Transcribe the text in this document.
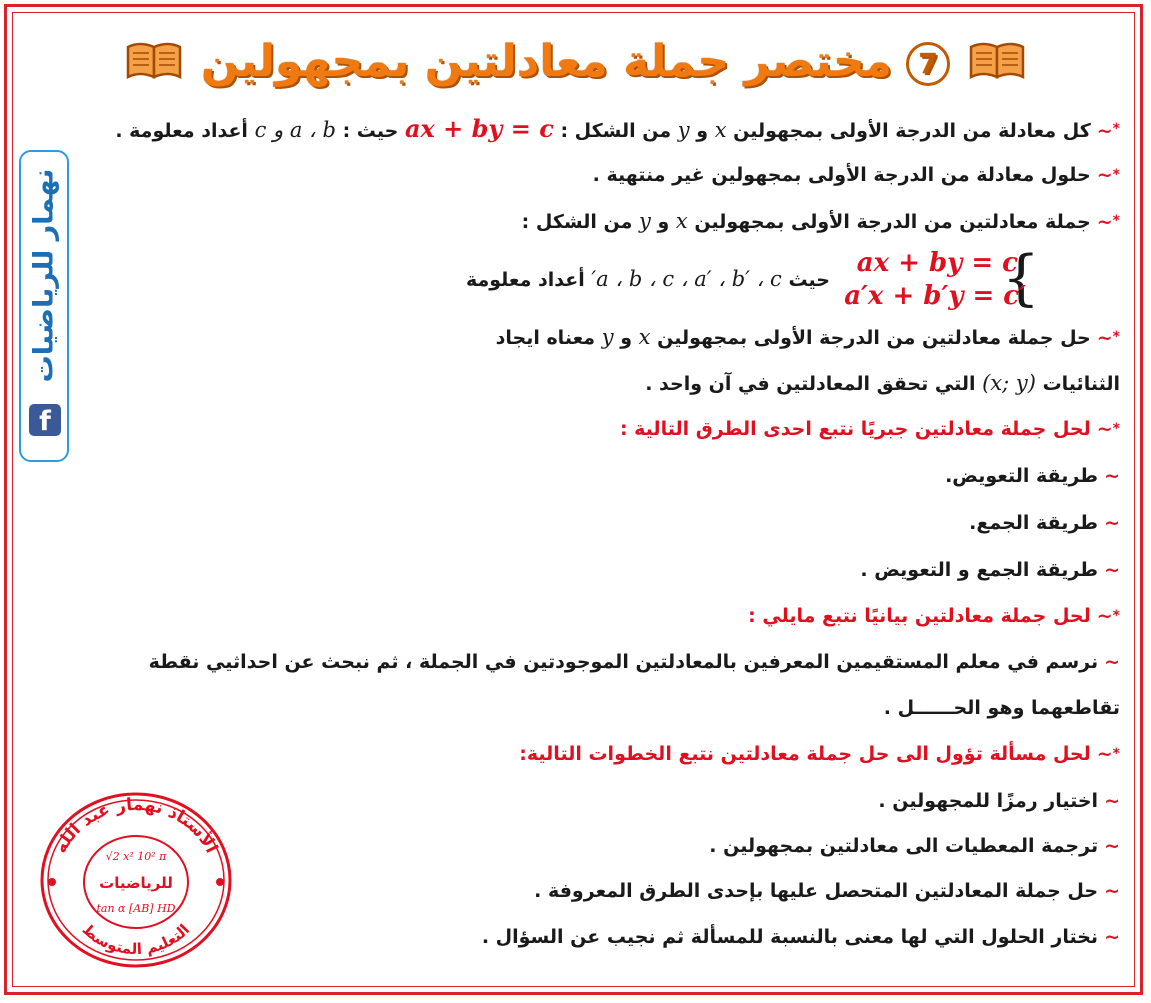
7مختصر جملة معادلتين بمجهولين
نهمار للرياضيات
f
*~كل معادلة من الدرجة الأولى بمجهولين x و y من الشكل : ax + by = c حيث : a ، b و c أعداد معلومة .
*~حلول معادلة من الدرجة الأولى بمجهولين غير منتهية .
*~جملة معادلتين من الدرجة الأولى بمجهولين x و y من الشكل :
{
ax + by = c
a′x + b′y = c′
حيث a ، b ، c ، a′ ، b′ ، c′ أعداد معلومة
*~حل جملة معادلتين من الدرجة الأولى بمجهولين x و y معناه ايجاد
الثنائيات (x; y) التي تحقق المعادلتين في آن واحد .
*~لحل جملة معادلتين جبريًا نتبع احدى الطرق التالية :
~طريقة التعويض.
~طريقة الجمع.
~طريقة الجمع و التعويض .
*~لحل جملة معادلتين بيانيًا نتبع مايلي :
~نرسم في معلم المستقيمين المعرفين بالمعادلتين الموجودتين في الجملة ، ثم نبحث عن احداثيي نقطة
تقاطعهما وهو الحــــــل .
*~لحل مسألة تؤول الى حل جملة معادلتين نتبع الخطوات التالية:
~اختيار رمزًا للمجهولين .
~ترجمة المعطيات الى معادلتين بمجهولين .
~حل جملة المعادلتين المتحصل عليها بإحدى الطرق المعروفة .
~نختار الحلول التي لها معنى بالنسبة للمسألة ثم نجيب عن السؤال .
الأستاذ نهمار عبد الله
التعليم المتوسط
√2 x² 10² π
للرياضيات
tan α [AB] HD
